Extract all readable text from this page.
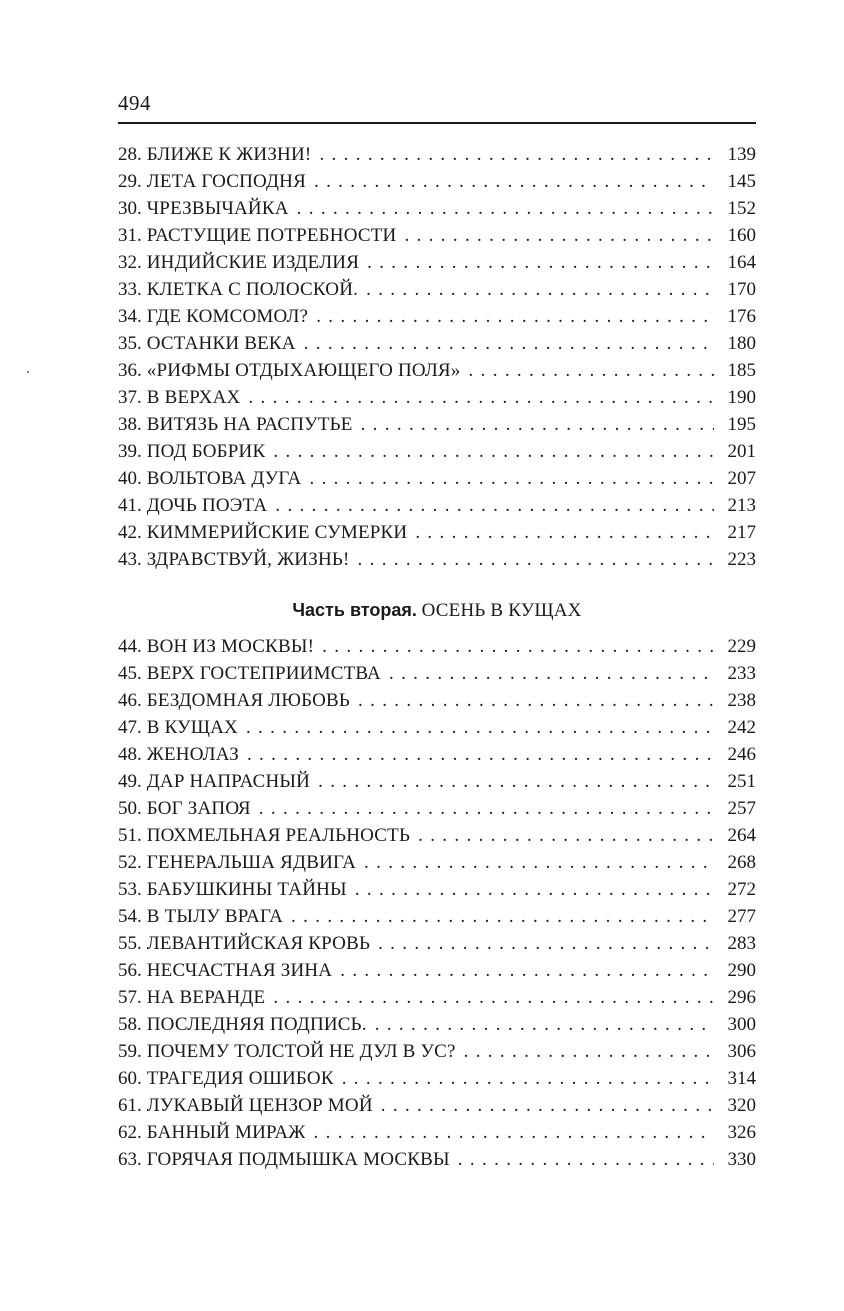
494
28. БЛИЖЕ К ЖИЗНИ! . . .	139
29. ЛЕТА ГОСПОДНЯ . . .	145
30. ЧРЕЗВЫЧАЙКА . . .	152
31. РАСТУЩИЕ ПОТРЕБНОСТИ . . .	160
32. ИНДИЙСКИЕ ИЗДЕЛИЯ . . .	164
33. КЛЕТКА С ПОЛОСКОЙ. . . .	170
34. ГДЕ КОМСОМОЛ? . . .	176
35. ОСТАНКИ ВЕКА . . .	180
36. «РИФМЫ ОТДЫХАЮЩЕГО ПОЛЯ» . . .	185
37. В ВЕРХАХ . . .	190
38. ВИТЯЗЬ НА РАСПУТЬЕ . . .	195
39. ПОД БОБРИК . . .	201
40. ВОЛЬТОВА ДУГА . . .	207
41. ДОЧЬ ПОЭТА . . .	213
42. КИММЕРИЙСКИЕ СУМЕРКИ . . .	217
43. ЗДРАВСТВУЙ, ЖИЗНЬ! . . .	223
Часть вторая. ОСЕНЬ В КУЩАХ
44. ВОН ИЗ МОСКВЫ! . . .	229
45. ВЕРХ ГОСТЕПРИИМСТВА . . .	233
46. БЕЗДОМНАЯ ЛЮБОВЬ . . .	238
47. В КУЩАХ . . .	242
48. ЖЕНОЛАЗ . . .	246
49. ДАР НАПРАСНЫЙ . . .	251
50. БОГ ЗАПОЯ . . .	257
51. ПОХМЕЛЬНАЯ РЕАЛЬНОСТЬ . . .	264
52. ГЕНЕРАЛЬША ЯДВИГА . . .	268
53. БАБУШКИНЫ ТАЙНЫ . . .	272
54. В ТЫЛУ ВРАГА . . .	277
55. ЛЕВАНТИЙСКАЯ КРОВЬ . . .	283
56. НЕСЧАСТНАЯ ЗИНА . . .	290
57. НА ВЕРАНДЕ . . .	296
58. ПОСЛЕДНЯЯ ПОДПИСЬ. . . .	300
59. ПОЧЕМУ ТОЛСТОЙ НЕ ДУЛ В УС? . . .	306
60. ТРАГЕДИЯ ОШИБОК . . .	314
61. ЛУКАВЫЙ ЦЕНЗОР МОЙ . . .	320
62. БАННЫЙ МИРАЖ . . .	326
63. ГОРЯЧАЯ ПОДМЫШКА МОСКВЫ . . .	330
